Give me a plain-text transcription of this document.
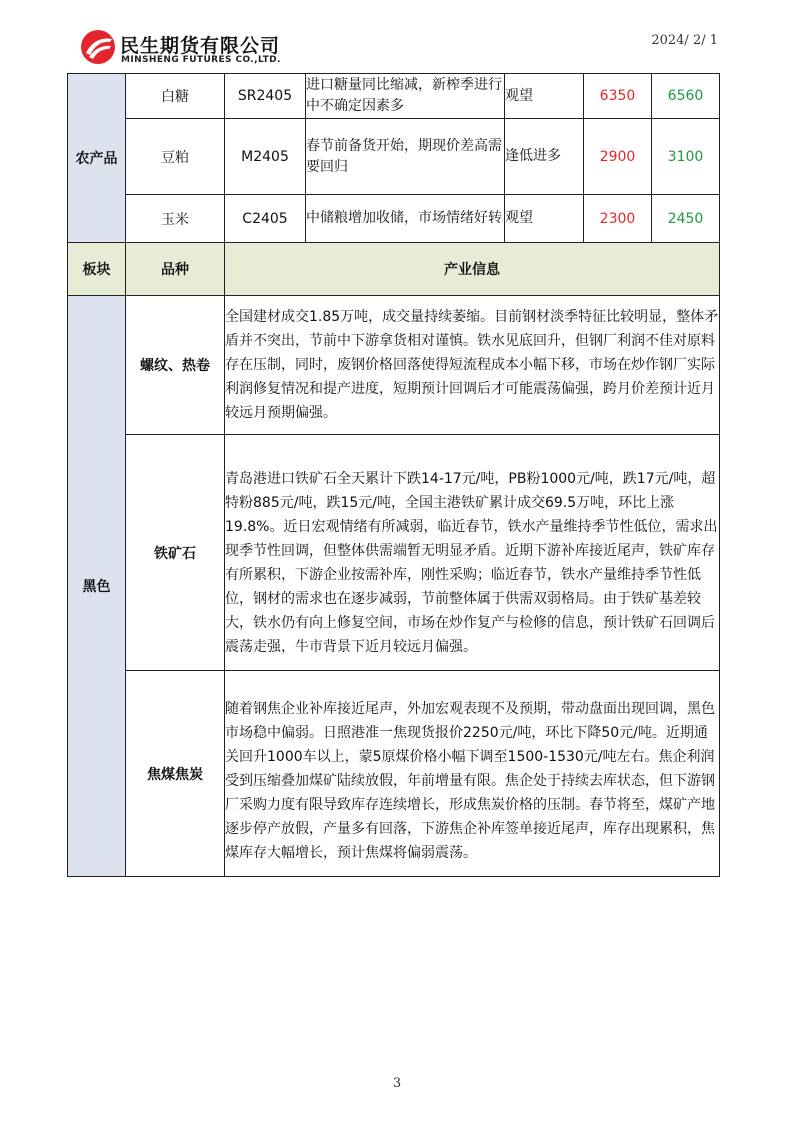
民生期货有限公司
MINSHENG FUTURES CO.,LTD.
2024/ 2/ 1
农产品	白糖	SR2405	进口糖量同比缩减，新榨季进行中不确定因素多	观望	6350	6560
	豆粕	M2405	春节前备货开始，期现价差高需要回归	逢低进多	2900	3100
	玉米	C2405	中储粮增加收储，市场情绪好转	观望	2300	2450
板块	品种	产业信息				
黑色	螺纹、热卷	全国建材成交1.85万吨，成交量持续萎缩。目前钢材淡季特征比较明显，整体矛盾并不突出，节前中下游拿货相对谨慎。铁水见底回升，但钢厂利润不佳对原料存在压制，同时，废钢价格回落使得短流程成本小幅下移，市场在炒作钢厂实际利润修复情况和提产进度，短期预计回调后才可能震荡偏强，跨月价差预计近月较远月预期偏强。				
	铁矿石	青岛港进口铁矿石全天累计下跌14-17元/吨，PB粉1000元/吨，跌17元/吨，超特粉885元/吨，跌15元/吨，全国主港铁矿累计成交69.5万吨，环比上涨19.8%。近日宏观情绪有所减弱，临近春节，铁水产量维持季节性低位，需求出现季节性回调，但整体供需端暂无明显矛盾。近期下游补库接近尾声，铁矿库存有所累积，下游企业按需补库，刚性采购；临近春节，铁水产量维持季节性低位，钢材的需求也在逐步减弱，节前整体属于供需双弱格局。由于铁矿基差较大，铁水仍有向上修复空间，市场在炒作复产与检修的信息，预计铁矿石回调后震荡走强，牛市背景下近月较远月偏强。				
	焦煤焦炭	随着钢焦企业补库接近尾声，外加宏观表现不及预期，带动盘面出现回调，黑色市场稳中偏弱。日照港准一焦现货报价2250元/吨，环比下降50元/吨。近期通关回升1000车以上，蒙5原煤价格小幅下调至1500-1530元/吨左右。焦企利润受到压缩叠加煤矿陆续放假，年前增量有限。焦企处于持续去库状态，但下游钢厂采购力度有限导致库存连续增长，形成焦炭价格的压制。春节将至，煤矿产地逐步停产放假，产量多有回落，下游焦企补库签单接近尾声，库存出现累积，焦煤库存大幅增长，预计焦煤将偏弱震荡。				
3
